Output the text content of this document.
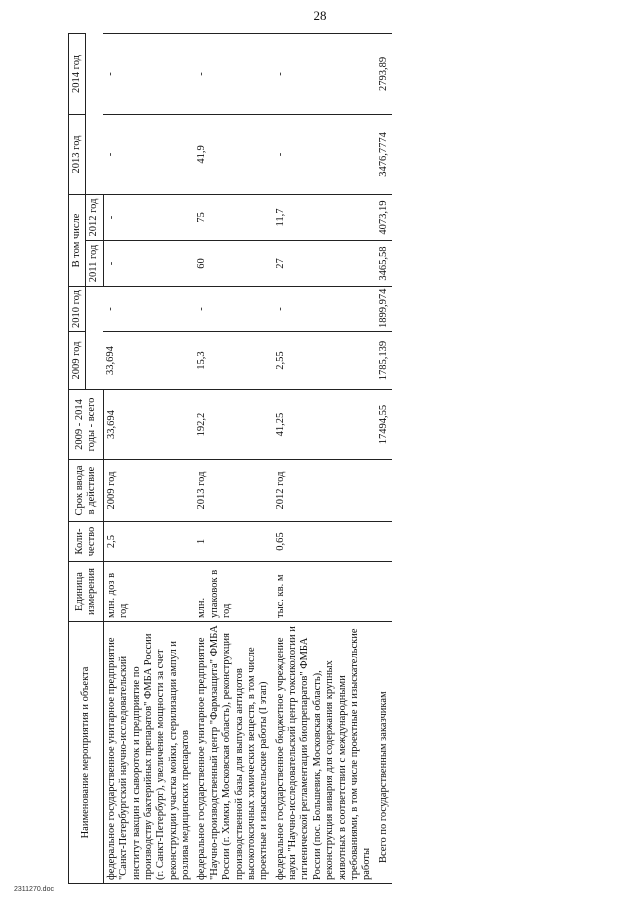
28
Наименование мероприятия и объекта	Единица измерения	Коли-чество	Срок ввода в действие	2009 - 2014 годы - всего	2009 год	2010 год	В том числе		2013 год	2014 год
							2011 год	2012 год		
федеральное государственное унитарное предприятие "Санкт-Петербургский научно-исследовательский институт вакцин и сывороток и предприятие по производству бактерийных препаратов" ФМБА России (г. Санкт-Петербург), увеличение мощности за счет реконструкции участка мойки, стерилизации ампул и розлива медицинских препаратов	млн. доз в год	2,5	2009 год	33,694	33,694	-	-	-	-	-
федеральное государственное унитарное предприятие "Научно-производственный центр "Фармзащита" ФМБА России (г. Химки, Московская область), реконструкция производственной базы для выпуска антидотов высокотоксичных химических веществ, в том числе проектные и изыскательские работы (I этап)	млн. упаковок в год	1	2013 год	192,2	15,3	-	60	75	41,9	-
федеральное государственное бюджетное учреждение науки "Научно-исследовательский центр токсикологии и гигиенической регламентации биопрепаратов" ФМБА России (пос. Большевик, Московская область), реконструкция вивария для содержания крупных животных в соответствии с международными требованиями, в том числе проектные и изыскательские работы	тыс. кв. м	0,65	2012 год	41,25	2,55	-	27	11,7	-	-
Всего по государственным заказчикам				17494,55	1785,139	1899,974	3465,58	4073,19	3476,7774	2793,89
2311270.doc
